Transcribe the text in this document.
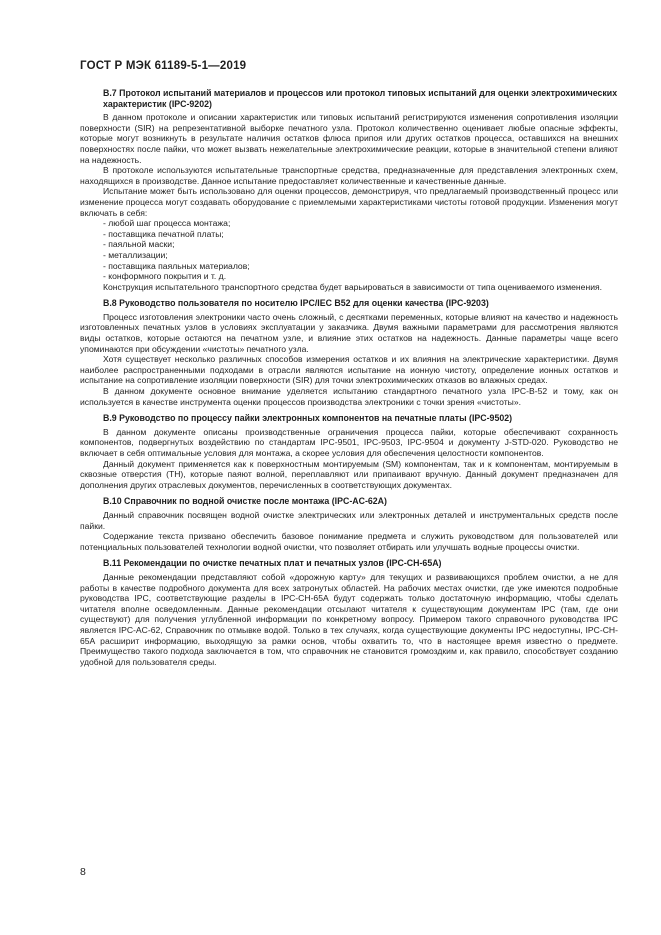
ГОСТ Р МЭК 61189-5-1—2019
В.7 Протокол испытаний материалов и процессов или протокол типовых испытаний для оценки электрохимических характеристик (IPC-9202)

В данном протоколе и описании характеристик или типовых испытаний регистрируются изменения сопротивления изоляции поверхности (SIR) на репрезентативной выборке печатного узла. Протокол количественно оценивает любые опасные эффекты, которые могут возникнуть в результате наличия остатков флюса припоя или других остатков процесса, оставшихся на внешних поверхностях после пайки, что может вызвать нежелательные электрохимические реакции, которые в значительной степени влияют на надежность.

В протоколе используются испытательные транспортные средства, предназначенные для представления электронных схем, находящихся в производстве. Данное испытание предоставляет количественные и качественные данные.

Испытание может быть использовано для оценки процессов, демонстрируя, что предлагаемый производственный процесс или изменение процесса могут создавать оборудование с приемлемыми характеристиками чистоты готовой продукции. Изменения могут включать в себя:

- любой шаг процесса монтажа;
- поставщика печатной платы;
- паяльной маски;
- металлизации;
- поставщика паяльных материалов;
- конформного покрытия и т. д.

Конструкция испытательного транспортного средства будет варьироваться в зависимости от типа оцениваемого изменения.

В.8 Руководство пользователя по носителю IPC/IEC B52 для оценки качества (IPC-9203)

Процесс изготовления электроники часто очень сложный, с десятками переменных, которые влияют на качество и надежность изготовленных печатных узлов в условиях эксплуатации у заказчика. Двумя важными параметрами для рассмотрения являются виды остатков, которые остаются на печатном узле, и влияние этих остатков на надежность. Данные параметры чаще всего упоминаются при обсуждении «чистоты» печатного узла.

Хотя существует несколько различных способов измерения остатков и их влияния на электрические характеристики. Двумя наиболее распространенными подходами в отрасли являются испытание на ионную чистоту, определение ионных остатков и испытание на сопротивление изоляции поверхности (SIR) для точки электрохимических отказов во влажных средах.

В данном документе основное внимание уделяется испытанию стандартного печатного узла IPC-B-52 и тому, как он используется в качестве инструмента оценки процессов производства электроники с точки зрения «чистоты».

В.9 Руководство по процессу пайки электронных компонентов на печатные платы (IPC-9502)

В данном документе описаны производственные ограничения процесса пайки, которые обеспечивают сохранность компонентов, подвергнутых воздействию по стандартам IPC-9501, IPC-9503, IPC-9504 и документу J-STD-020. Руководство не включает в себя оптимальные условия для монтажа, а скорее условия для обеспечения целостности компонентов.

Данный документ применяется как к поверхностным монтируемым (SM) компонентам, так и к компонентам, монтируемым в сквозные отверстия (TH), которые паяют волной, переплавляют или припаивают вручную. Данный документ предназначен для дополнения других отраслевых документов, перечисленных в соответствующих документах.

В.10 Справочник по водной очистке после монтажа (IPC-AC-62A)

Данный справочник посвящен водной очистке электрических или электронных деталей и инструментальных средств после пайки.

Содержание текста призвано обеспечить базовое понимание предмета и служить руководством для пользователей или потенциальных пользователей технологии водной очистки, что позволяет отбирать или улучшать водные процессы очистки.

В.11 Рекомендации по очистке печатных плат и печатных узлов (IPC-CH-65A)

Данные рекомендации представляют собой «дорожную карту» для текущих и развивающихся проблем очистки, а не для работы в качестве подробного документа для всех затронутых областей. На рабочих местах очистки, где уже имеются подробные руководства IPC, соответствующие разделы в IPC-CH-65A будут содержать только достаточную информацию, чтобы сделать читателя вполне осведомленным. Данные рекомендации отсылают читателя к существующим документам IPC (там, где они существуют) для получения углубленной информации по конкретному вопросу. Примером такого справочного руководства IPC является IPC-AC-62, Справочник по отмывке водой. Только в тех случаях, когда существующие документы IPC недоступны, IPC-CH-65A расширит информацию, выходящую за рамки основ, чтобы охватить то, что в настоящее время известно о предмете. Преимущество такого подхода заключается в том, что справочник не становится громоздким и, как правило, способствует созданию удобной для пользователя среды.

8
